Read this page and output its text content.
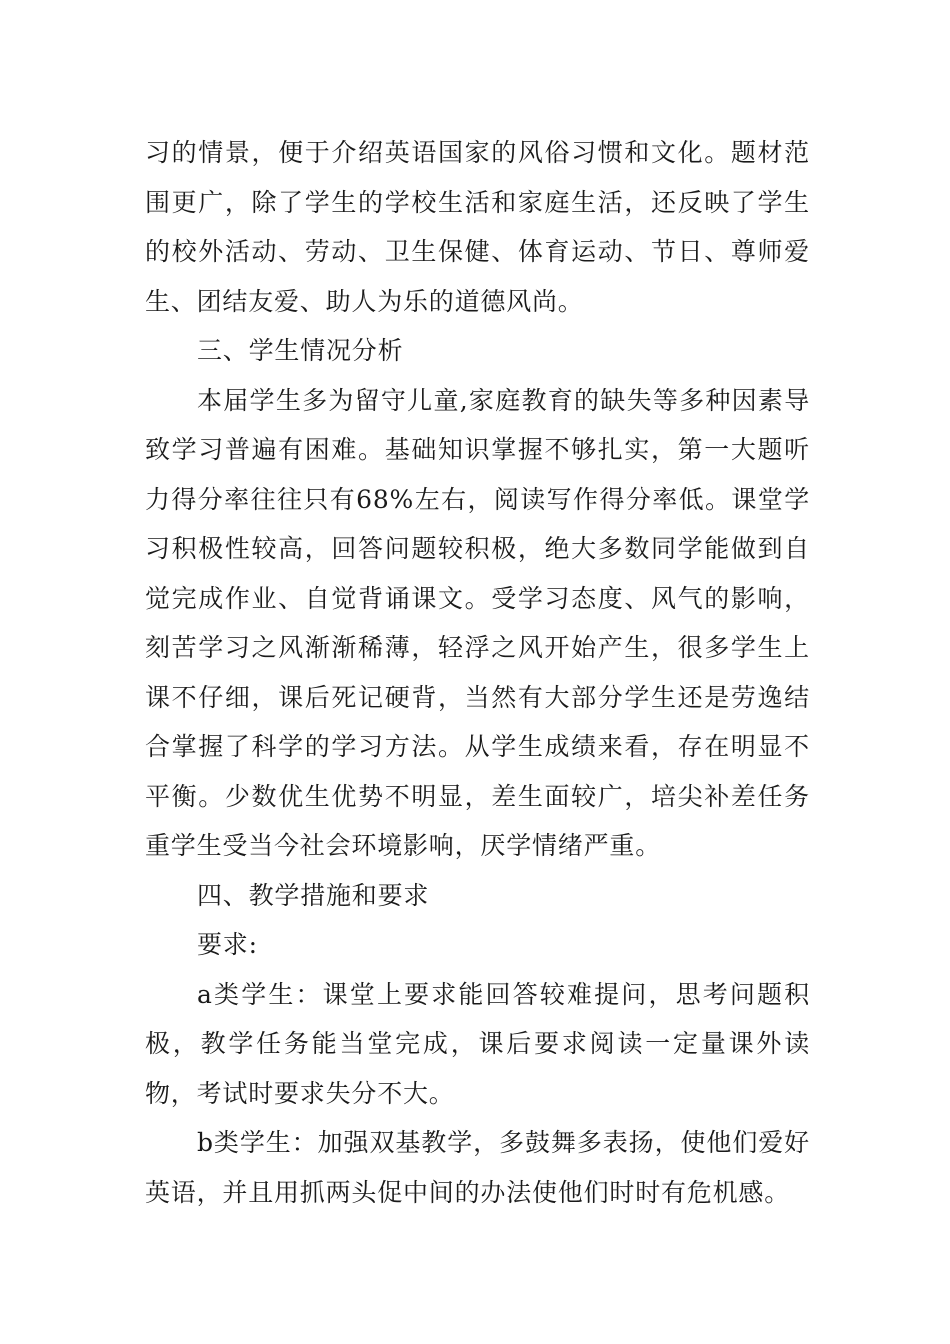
习的情景，便于介绍英语国家的风俗习惯和文化。题材范围更广，除了学生的学校生活和家庭生活，还反映了学生的校外活动、劳动、卫生保健、体育运动、节日、尊师爱生、团结友爱、助人为乐的道德风尚。

三、学生情况分析

本届学生多为留守儿童,家庭教育的缺失等多种因素导致学习普遍有困难。基础知识掌握不够扎实，第一大题听力得分率往往只有68%左右，阅读写作得分率低。课堂学习积极性较高，回答问题较积极，绝大多数同学能做到自觉完成作业、自觉背诵课文。受学习态度、风气的影响，刻苦学习之风渐渐稀薄，轻浮之风开始产生，很多学生上课不仔细，课后死记硬背，当然有大部分学生还是劳逸结合掌握了科学的学习方法。从学生成绩来看，存在明显不平衡。少数优生优势不明显，差生面较广，培尖补差任务重学生受当今社会环境影响，厌学情绪严重。

四、教学措施和要求

要求:

a类学生：课堂上要求能回答较难提问，思考问题积极，教学任务能当堂完成，课后要求阅读一定量课外读物，考试时要求失分不大。

b类学生：加强双基教学，多鼓舞多表扬，使他们爱好英语，并且用抓两头促中间的办法使他们时时有危机感。
